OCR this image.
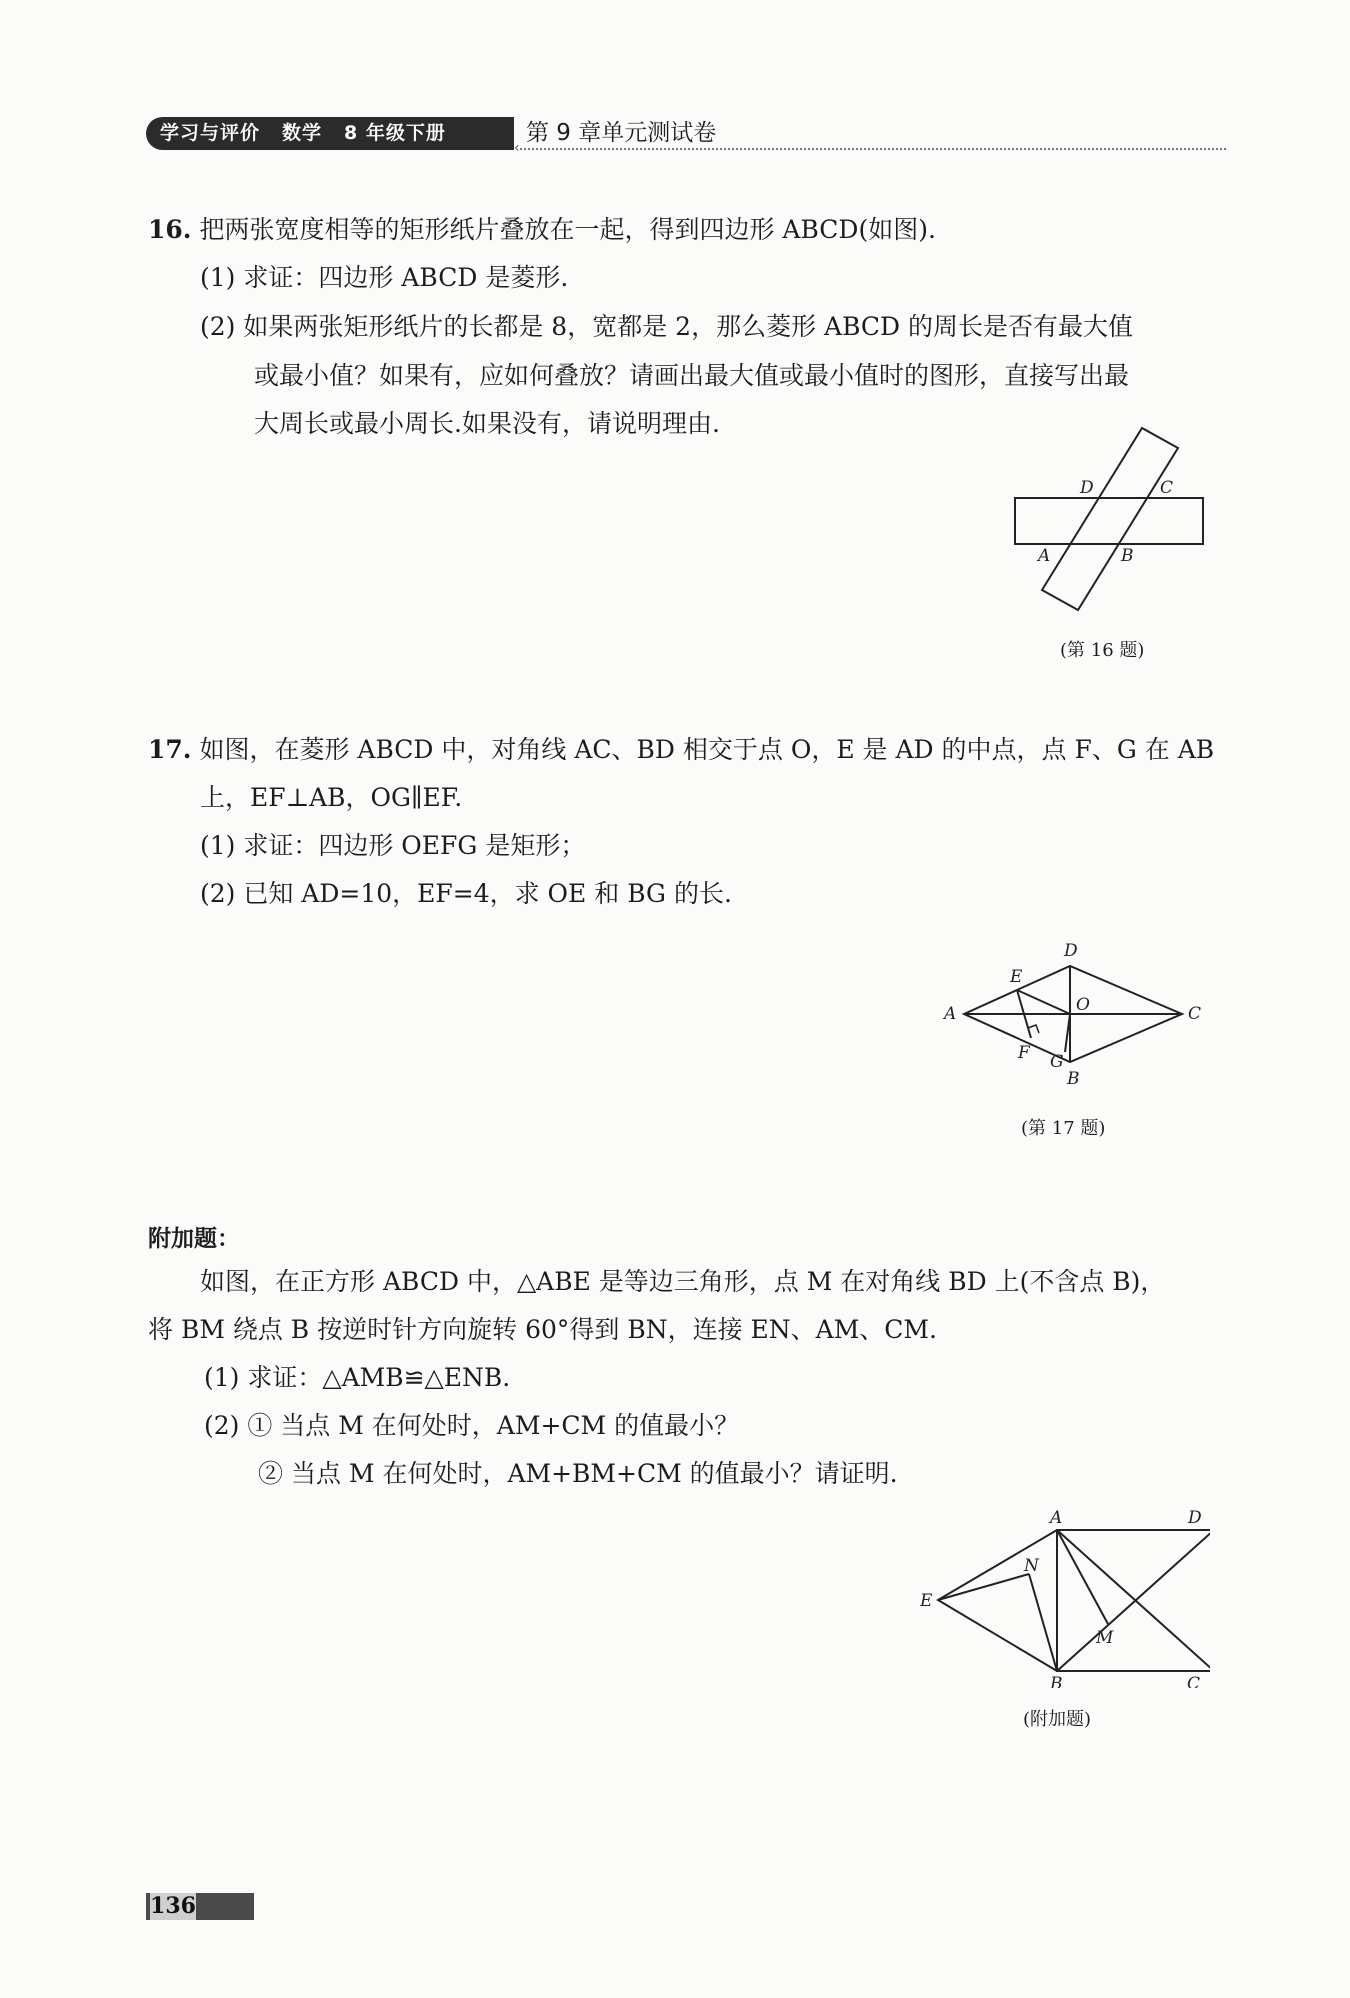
学习与评价 数学 8 年级下册	第 9 章单元测试卷
‹
16. 把两张宽度相等的矩形纸片叠放在一起，得到四边形 ABCD(如图).
(1) 求证：四边形 ABCD 是菱形.
(2) 如果两张矩形纸片的长都是 8，宽都是 2，那么菱形 ABCD 的周长是否有最大值
或最小值？如果有，应如何叠放？请画出最大值或最小值时的图形，直接写出最
大周长或最小周长.如果没有，请说明理由.
D	C
A	B
(第 16 题)
17. 如图，在菱形 ABCD 中，对角线 AC、BD 相交于点 O，E 是 AD 的中点，点 F、G 在 AB
上，EF⊥AB，OG∥EF.
(1) 求证：四边形 OEFG 是矩形；
(2) 已知 AD=10，EF=4，求 OE 和 BG 的长.
D
E
O
A	C
F G
B
(第 17 题)
附加题：
如图，在正方形 ABCD 中，△ABE 是等边三角形，点 M 在对角线 BD 上(不含点 B)，
将 BM 绕点 B 按逆时针方向旋转 60°得到 BN，连接 EN、AM、CM.
(1) 求证：△AMB≌△ENB.
(2) ① 当点 M 在何处时，AM+CM 的值最小？
② 当点 M 在何处时，AM+BM+CM 的值最小？请证明.
A	D
N
E
M
B	C
(附加题)
136
